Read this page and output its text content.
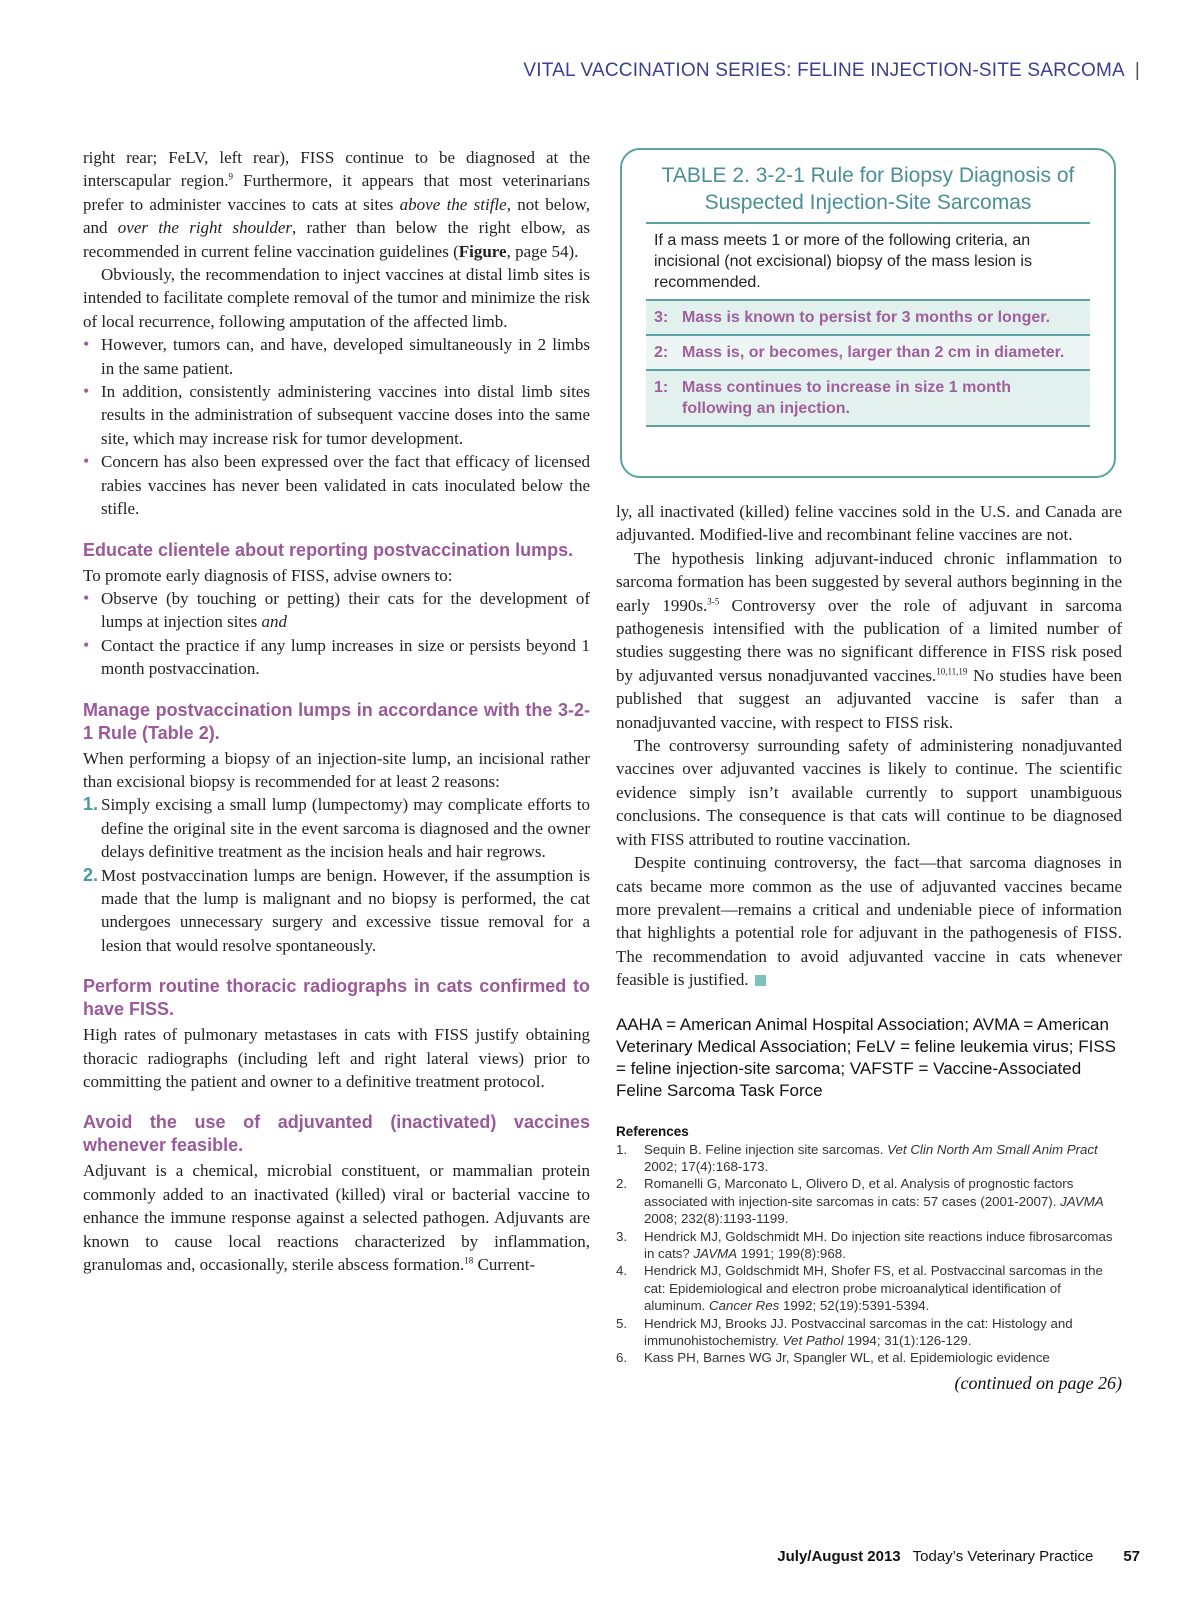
VITAL VACCINATION SERIES: FELINE INJECTION-SITE SARCOMA |

right rear; FeLV, left rear), FISS continue to be diagnosed at the interscapular region.$^9$ Furthermore, it appears that most veterinarians prefer to administer vaccines to cats at sites above the stifle, not below, and over the right shoulder, rather than below the right elbow, as recommended in current feline vaccination guidelines (Figure, page 54).

Obviously, the recommendation to inject vaccines at distal limb sites is intended to facilitate complete removal of the tumor and minimize the risk of local recurrence, following amputation of the affected limb.

• However, tumors can, and have, developed simultaneously in 2 limbs in the same patient.
• In addition, consistently administering vaccines into distal limb sites results in the administration of subsequent vaccine doses into the same site, which may increase risk for tumor development.
• Concern has also been expressed over the fact that efficacy of licensed rabies vaccines has never been validated in cats inoculated below the stifle.
Educate clientele about reporting postvaccination lumps.

To promote early diagnosis of FISS, advise owners to:

• Observe (by touching or petting) their cats for the development of lumps at injection sites and
• Contact the practice if any lump increases in size or persists beyond 1 month postvaccination.
Manage postvaccination lumps in accordance with the 3-2-1 Rule (Table 2).

When performing a biopsy of an injection-site lump, an incisional rather than excisional biopsy is recommended for at least 2 reasons:

1. Simply excising a small lump (lumpectomy) may complicate efforts to define the original site in the event sarcoma is diagnosed and the owner delays definitive treatment as the incision heals and hair regrows.
2. Most postvaccination lumps are benign. However, if the assumption is made that the lump is malignant and no biopsy is performed, the cat undergoes unnecessary surgery and excessive tissue removal for a lesion that would resolve spontaneously.
Perform routine thoracic radiographs in cats confirmed to have FISS.

High rates of pulmonary metastases in cats with FISS justify obtaining thoracic radiographs (including left and right lateral views) prior to committing the patient and owner to a definitive treatment protocol.

Avoid the use of adjuvanted (inactivated) vaccines whenever feasible.

Adjuvant is a chemical, microbial constituent, or mammalian protein commonly added to an inactivated (killed) viral or bacterial vaccine to enhance the immune response against a selected pathogen. Adjuvants are known to cause local reactions characterized by inflammation, granulomas and, occasionally, sterile abscess formation.$^{18}$ Current-

TABLE 2. 3-2-1 Rule for Biopsy Diagnosis of Suspected Injection-Site Sarcomas
If a mass meets 1 or more of the following criteria, an incisional (not excisional) biopsy of the mass lesion is recommended.
3: Mass is known to persist for 3 months or longer.
2: Mass is, or becomes, larger than 2 cm in diameter.
1: Mass continues to increase in size 1 month following an injection.

ly, all inactivated (killed) feline vaccines sold in the U.S. and Canada are adjuvanted. Modified-live and recombinant feline vaccines are not.

The hypothesis linking adjuvant-induced chronic inflammation to sarcoma formation has been suggested by several authors beginning in the early 1990s.$^{3-5}$ Controversy over the role of adjuvant in sarcoma pathogenesis intensified with the publication of a limited number of studies suggesting there was no significant difference in FISS risk posed by adjuvanted versus nonadjuvanted vaccines.$^{10,11,19}$ No studies have been published that suggest an adjuvanted vaccine is safer than a nonadjuvanted vaccine, with respect to FISS risk.

The controversy surrounding safety of administering nonadjuvanted vaccines over adjuvanted vaccines is likely to continue. The scientific evidence simply isn’t available currently to support unambiguous conclusions. The consequence is that cats will continue to be diagnosed with FISS attributed to routine vaccination.

Despite continuing controversy, the fact—that sarcoma diagnoses in cats became more common as the use of adjuvanted vaccines became more prevalent—remains a critical and undeniable piece of information that highlights a potential role for adjuvant in the pathogenesis of FISS. The recommendation to avoid adjuvanted vaccine in cats whenever feasible is justified.

AAHA = American Animal Hospital Association; AVMA = American Veterinary Medical Association; FeLV = feline leukemia virus; FISS = feline injection-site sarcoma; VAFSTF = Vaccine-Associated Feline Sarcoma Task Force
References
1. Sequin B. Feline injection site sarcomas. Vet Clin North Am Small Anim Pract 2002; 17(4):168-173.
2. Romanelli G, Marconato L, Olivero D, et al. Analysis of prognostic factors associated with injection-site sarcomas in cats: 57 cases (2001-2007). JAVMA 2008; 232(8):1193-1199.
3. Hendrick MJ, Goldschmidt MH. Do injection site reactions induce fibrosarcomas in cats? JAVMA 1991; 199(8):968.
4. Hendrick MJ, Goldschmidt MH, Shofer FS, et al. Postvaccinal sarcomas in the cat: Epidemiological and electron probe microanalytical identification of aluminum. Cancer Res 1992; 52(19):5391-5394.
5. Hendrick MJ, Brooks JJ. Postvaccinal sarcomas in the cat: Histology and immunohistochemistry. Vet Pathol 1994; 31(1):126-129.
6. Kass PH, Barnes WG Jr, Spangler WL, et al. Epidemiologic evidence
(continued on page 26)
July/August 2013 Today’s Veterinary Practice 57
